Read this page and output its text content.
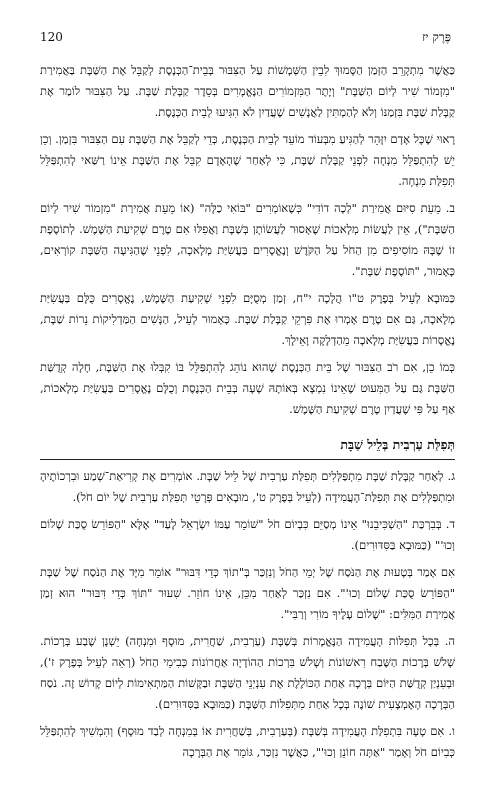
120	פֶּרֶק יז

כַּאֲשֶׁר מִתְקָרֵב הַזְּמַן הַסָּמוּךְ לִבֵין הַשְּׁמָשׁוֹת עַל הַצִּבּוּר בְּבֵית־הַכְּנֶסֶת לְקַבֵּל אֶת הַשַּׁבָּת בַּאֲמִירַת "מִזְמוֹר שִׁיר לְיוֹם הַשַּׁבָּת" וְיֶתֶר הַמִּזְמוֹרִים הַנֶּאֱמָרִים בְּסֵדֶר קַבָּלַת שַׁבָּת. עַל הַצִּבּוּר לוֹמַר אֶת קַבָּלַת שַׁבָּת בִּזְמַנּוֹ וְלֹא לְהַמְתִּין לַאֲנָשִׁים שֶׁעֲדַיִן לֹא הִגִּיעוּ לְבֵית הַכְּנֶסֶת.

רָאוּי שֶׁכָּל אָדָם יִזָּהֵר לְהַגִּיעַ מִבְּעוֹד מוֹעֵד לְבֵית הַכְּנֶסֶת, כְּדֵי לְקַבֵּל אֶת הַשַּׁבָּת עִם הַצִּבּוּר בִּזְמַן. וְכֵן יֵשׁ לְהִתְפַּלֵּל מִנְחָה לִפְנֵי קַבָּלַת שַׁבָּת, כִּי לְאַחַר שֶׁהָאָדָם קִבֵּל אֶת הַשַּׁבָּת אֵינוֹ רַשַּׁאי לְהִתְפַּלֵּל תְּפִלַּת מִנְחָה.

ב. מֵעֵת סִיּוּם אֲמִירַת "לְכָה דוֹדִי" כְּשֶׁאוֹמְרִים "בּוֹאִי כַלָּה" (אוֹ מֵעֵת אֲמִירַת "מִזְמוֹר שִׁיר לְיוֹם הַשַּׁבָּת"), אֵין לַעֲשׂוֹת מְלָאכוֹת שֶׁאָסוּר לַעֲשׂוֹתָן בְּשַׁבָּת וַאֲפִלּוּ אִם טֶרֶם שְׁקִיעַת הַשֶּׁמֶשׁ. לְתוֹסֶפֶת זוֹ שֶׁבָּהּ מוֹסִיפִים מִן הַחֹל עַל הַקֹּדֶשׁ וְנֶאֱסָרִים בַּעֲשִׂיַּת מְלָאכָה, לִפְנֵי שֶׁהַגִּיעָה הַשַּׁבָּת קוֹרְאִים, כָּאָמוּר, "תּוֹסֶפֶת שַׁבָּת".

כַּמּוּבָא לְעֵיל בְּפֶרֶק ט"ו הֲלָכָה י"ח, זְמַן מְסֻיָּם לִפְנֵי שְׁקִיעַת הַשֶּׁמֶשׁ, נֶאֱסָרִים כֻּלָּם בַּעֲשִׂיַּת מְלָאכָה, גַּם אִם טֶרֶם אָמְרוּ אֶת פִּרְקֵי קַבָּלַת שַׁבָּת. כָּאָמוּר לְעֵיל, הַנָּשִׁים הַמַּדְלִיקוֹת נֵרוֹת שַׁבָּת, נֶאֱסָרוֹת בַּעֲשִׂיַּת מְלָאכָה מֵהַדְלָקָה וָאֵילָךְ.

כְּמוֹ כֵן, אִם רֹב הַצִּבּוּר שֶׁל בֵּית הַכְּנֶסֶת שֶׁהוּא נוֹהֵג לְהִתְפַּלֵּל בּוֹ קִבְּלוּ אֶת הַשַּׁבָּת, חָלָה קְדֻשַּׁת הַשַּׁבָּת גַּם עַל הַמִּעוּט שֶׁאֵינוֹ נִמְצָא בְּאוֹתָהּ שָׁעָה בְּבֵית הַכְּנֶסֶת וְכֻלָּם נֶאֱסָרִים בַּעֲשִׂיַּת מְלָאכוֹת, אַף עַל פִּי שֶׁעֲדַיִן טֶרֶם שְׁקִיעַת הַשֶּׁמֶשׁ.

תְּפִלַּת עַרְבִית בְּלֵיל שַׁבָּת

ג. לְאַחַר קַבָּלַת שַׁבָּת מִתְפַּלְּלִים תְּפִלַּת עַרְבִית שֶׁל לֵיל שַׁבָּת. אוֹמְרִים אֶת קְרִיאַת־שְׁמַע וּבִרְכוֹתֶיהָ וּמִתְפַּלְּלִים אֶת תְּפִלַּת־הָעֲמִידָה (לְעֵיל בְּפֶרֶק ט', מוּבָאִים פְּרָטֵי תְּפִלַּת עַרְבִית שֶׁל יוֹם חֹל).

ד. בְּבִרְכַּת "הַשְׁכִּיבֵנוּ" אֵינוֹ מְסַיֵּם כִּבְיוֹם חֹל "שׁוֹמֵר עַמּוֹ יִשְׂרָאֵל לָעַד" אֶלָּא "הַפּוֹרֵשׂ סֻכַּת שָׁלוֹם וְכוּ'" (כַּמּוּבָא בַּסִּדּוּרִים).

אִם אָמַר בְּטָעוּת אֶת הַנֹּסַח שֶׁל יְמֵי הַחֹל וְנִזְכַּר בְּ"תוֹךְ כְּדֵי דִּבּוּר" אוֹמֵר מִיָּד אֶת הַנֹּסַח שֶׁל שַׁבָּת "הַפּוֹרֵשׂ סֻכַּת שָׁלוֹם וְכוּ'". אִם נִזְכַּר לְאַחַר מִכֵּן, אֵינוֹ חוֹזֵר. שִׁעוּר "תּוֹךְ כְּדֵי דִּבּוּר" הוּא זְמַן אֲמִירַת הַמִּלִּים: "שָׁלוֹם עָלֶיךָ מוֹרִי וְרַבִּי".

ה. בְּכָל תְּפִלּוֹת הָעֲמִידָה הַנֶּאֱמָרוֹת בְּשַׁבָּת (עַרְבִית, שַׁחֲרִית, מוּסָף וּמִנְחָה) יֵשְׁנָן שֶׁבַע בְּרָכוֹת. שָׁלֹשׁ בְּרָכוֹת הַשֶּׁבַח רִאשׁוֹנוֹת וְשָׁלֹשׁ בִּרְכוֹת הַהוֹדָיָה אַחֲרוֹנוֹת כְּבִימֵי הַחֹל (רְאֵה לְעֵיל בְּפֶרֶק ז'), וּבְעִנְיַן קְדֻשַּׁת הַיּוֹם בְּרָכָה אַחַת הַכּוֹלֶלֶת אֶת עִנְיְנֵי הַשַּׁבָּת וּבַקָּשׁוֹת הַמַּתְאִימוֹת לְיוֹם קָדוֹשׁ זֶה. נֹסַח הַבְּרָכָה הָאֶמְצָעִית שׁוֹנֶה בְּכָל אַחַת מִתְּפִלּוֹת הַשַּׁבָּת (כַּמּוּבָא בַּסִּדּוּרִים).

ו. אִם טָעָה בִּתְפִלַּת הָעֲמִידָה בְּשַׁבָּת (בְּעַרְבִית, בְּשַׁחֲרִית אוֹ בְּמִנְחָה לְבַד מוּסָף) וְהִמְשִׁיךְ לְהִתְפַּלֵּל כְּבִיוֹם חֹל וְאָמַר "אַתָּה חוֹנֵן וְכוּ'", כַּאֲשֶׁר נִזְכַּר, גּוֹמֵר אֶת הַבְּרָכָה
